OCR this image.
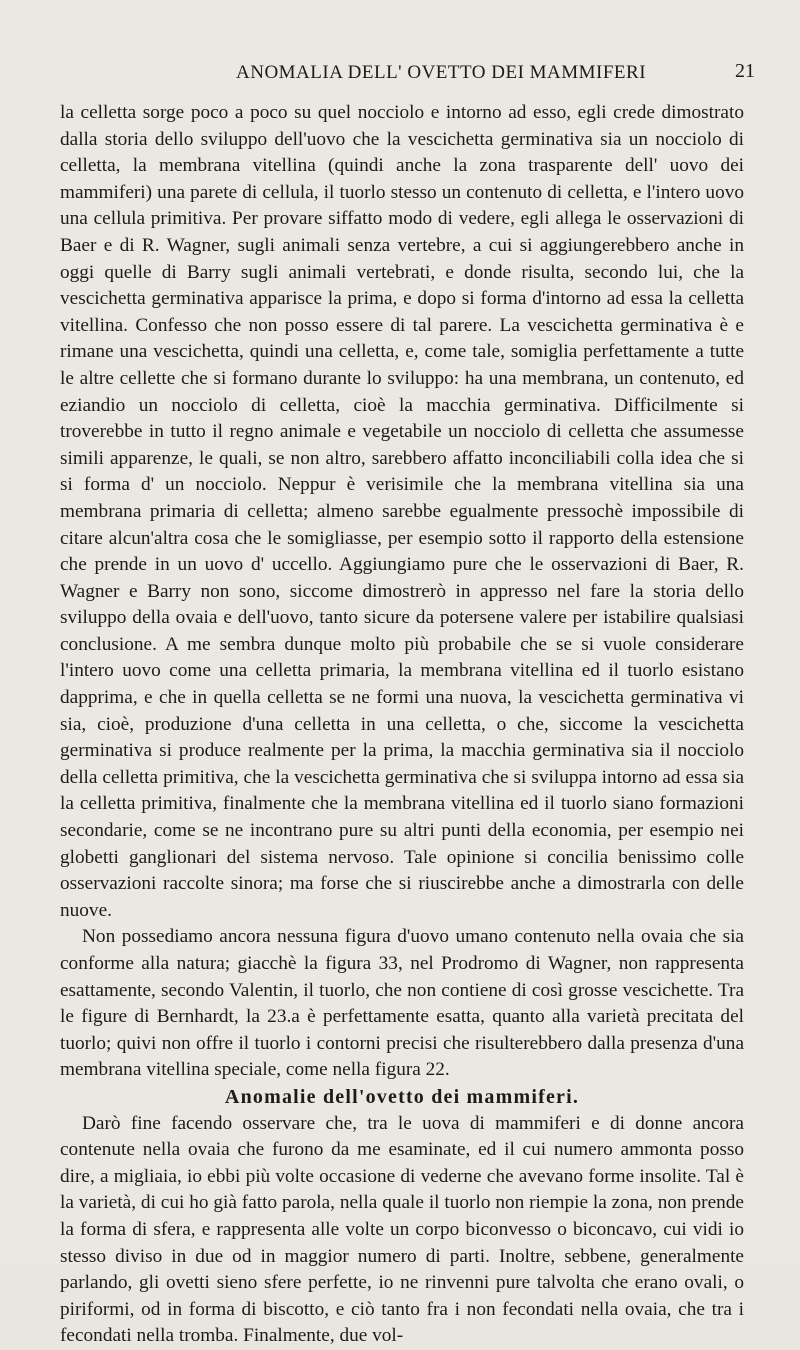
ANOMALIA DELL' OVETTO DEI MAMMIFERI	21

la celletta sorge poco a poco su quel nocciolo e intorno ad esso, egli crede dimostrato dalla storia dello sviluppo dell'uovo che la vescichetta germinativa sia un nocciolo di celletta, la membrana vitellina (quindi anche la zona trasparente dell' uovo dei mammiferi) una parete di cellula, il tuorlo stesso un contenuto di celletta, e l'intero uovo una cellula primitiva. Per provare siffatto modo di vedere, egli allega le osservazioni di Baer e di R. Wagner, sugli animali senza vertebre, a cui si aggiungerebbero anche in oggi quelle di Barry sugli animali vertebrati, e donde risulta, secondo lui, che la vescichetta germinativa apparisce la prima, e dopo si forma d'intorno ad essa la celletta vitellina. Confesso che non posso essere di tal parere. La vescichetta germinativa è e rimane una vescichetta, quindi una celletta, e, come tale, somiglia perfettamente a tutte le altre cellette che si formano durante lo sviluppo: ha una membrana, un contenuto, ed eziandio un nocciolo di celletta, cioè la macchia germinativa. Difficilmente si troverebbe in tutto il regno animale e vegetabile un nocciolo di celletta che assumesse simili apparenze, le quali, se non altro, sarebbero affatto inconciliabili colla idea che si si forma d' un nocciolo. Neppur è verisimile che la membrana vitellina sia una membrana primaria di celletta; almeno sarebbe egualmente pressochè impossibile di citare alcun'altra cosa che le somigliasse, per esempio sotto il rapporto della estensione che prende in un uovo d' uccello. Aggiungiamo pure che le osservazioni di Baer, R. Wagner e Barry non sono, siccome dimostrerò in appresso nel fare la storia dello sviluppo della ovaia e dell'uovo, tanto sicure da potersene valere per istabilire qualsiasi conclusione. A me sembra dunque molto più probabile che se si vuole considerare l'intero uovo come una celletta primaria, la membrana vitellina ed il tuorlo esistano dapprima, e che in quella celletta se ne formi una nuova, la vescichetta germinativa vi sia, cioè, produzione d'una celletta in una celletta, o che, siccome la vescichetta germinativa si produce realmente per la prima, la macchia germinativa sia il nocciolo della celletta primitiva, che la vescichetta germinativa che si sviluppa intorno ad essa sia la celletta primitiva, finalmente che la membrana vitellina ed il tuorlo siano formazioni secondarie, come se ne incontrano pure su altri punti della economia, per esempio nei globetti ganglionari del sistema nervoso. Tale opinione si concilia benissimo colle osservazioni raccolte sinora; ma forse che si riuscirebbe anche a dimostrarla con delle nuove.

Non possediamo ancora nessuna figura d'uovo umano contenuto nella ovaia che sia conforme alla natura; giacchè la figura 33, nel Prodromo di Wagner, non rappresenta esattamente, secondo Valentin, il tuorlo, che non contiene di così grosse vescichette. Tra le figure di Bernhardt, la 23.a è perfettamente esatta, quanto alla varietà precitata del tuorlo; quivi non offre il tuorlo i contorni precisi che risulterebbero dalla presenza d'una membrana vitellina speciale, come nella figura 22.

Anomalie dell'ovetto dei mammiferi.

Darò fine facendo osservare che, tra le uova di mammiferi e di donne ancora contenute nella ovaia che furono da me esaminate, ed il cui numero ammonta posso dire, a migliaia, io ebbi più volte occasione di vederne che avevano forme insolite. Tal è la varietà, di cui ho già fatto parola, nella quale il tuorlo non riempie la zona, non prende la forma di sfera, e rappresenta alle volte un corpo biconvesso o biconcavo, cui vidi io stesso diviso in due od in maggior numero di parti. Inoltre, sebbene, generalmente parlando, gli ovetti sieno sfere perfette, io ne rinvenni pure talvolta che erano ovali, o piriformi, od in forma di biscotto, e ciò tanto fra i non fecondati nella ovaia, che tra i fecondati nella tromba. Finalmente, due vol-
